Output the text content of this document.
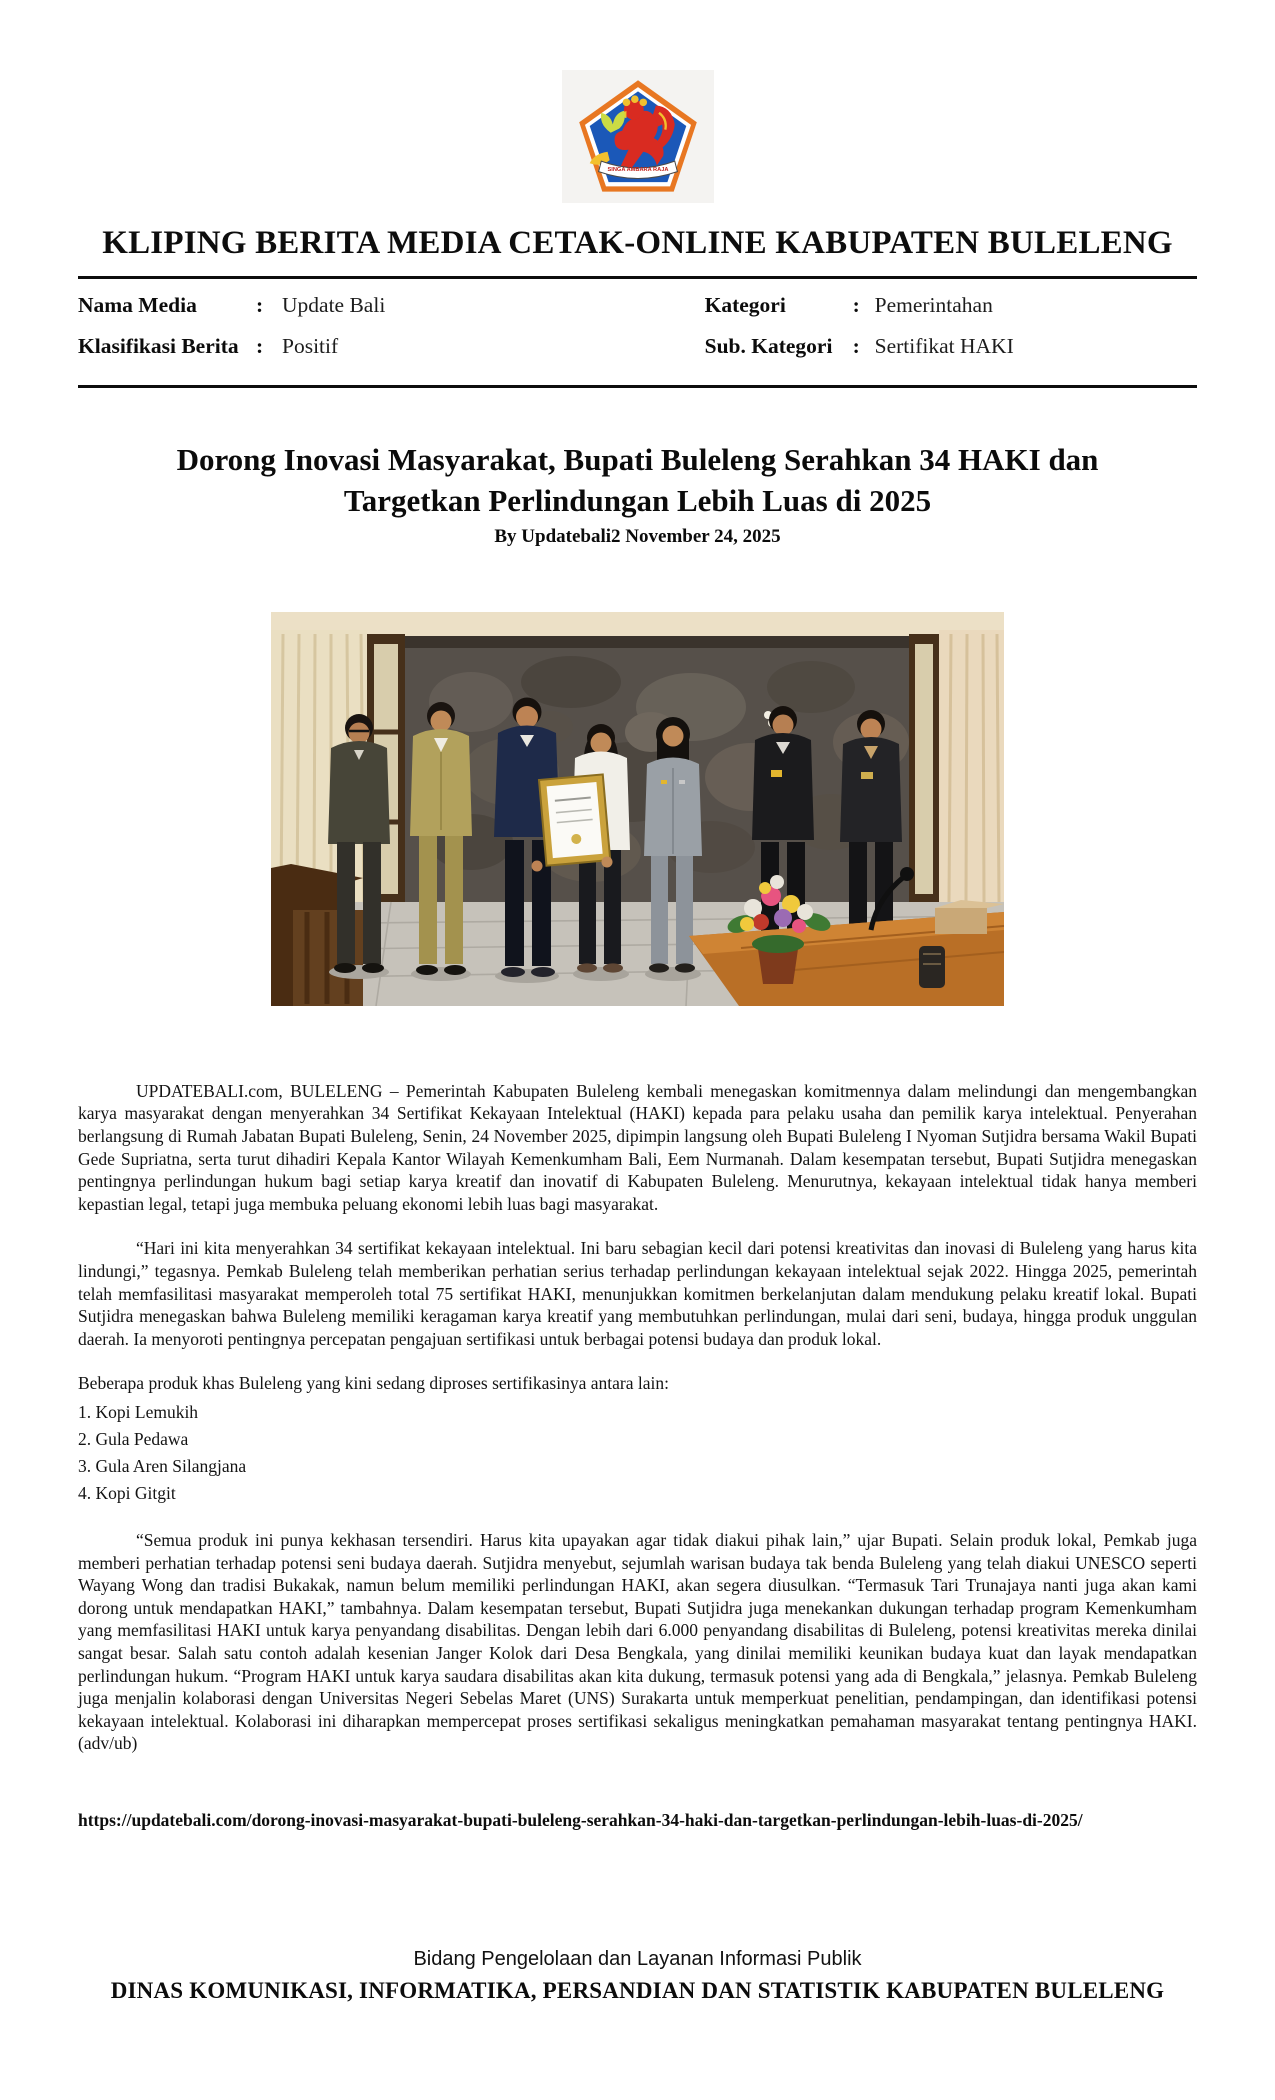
SINGA AMBARA RAJA
KLIPING BERITA MEDIA CETAK-ONLINE KABUPATEN BULELENG
Nama Media	: Update Bali
Klasifikasi Berita : Positif
Kategori	: Pemerintahan
Sub. Kategori : Sertifikat HAKI
Dorong Inovasi Masyarakat, Bupati Buleleng Serahkan 34 HAKI dan
Targetkan Perlindungan Lebih Luas di 2025
By Updatebali2 November 24, 2025

UPDATEBALI.com, BULELENG – Pemerintah Kabupaten Buleleng kembali menegaskan komitmennya dalam melindungi dan mengembangkan karya masyarakat dengan menyerahkan 34 Sertifikat Kekayaan Intelektual (HAKI) kepada para pelaku usaha dan pemilik karya intelektual. Penyerahan berlangsung di Rumah Jabatan Bupati Buleleng, Senin, 24 November 2025, dipimpin langsung oleh Bupati Buleleng I Nyoman Sutjidra bersama Wakil Bupati Gede Supriatna, serta turut dihadiri Kepala Kantor Wilayah Kemenkumham Bali, Eem Nurmanah. Dalam kesempatan tersebut, Bupati Sutjidra menegaskan pentingnya perlindungan hukum bagi setiap karya kreatif dan inovatif di Kabupaten Buleleng. Menurutnya, kekayaan intelektual tidak hanya memberi kepastian legal, tetapi juga membuka peluang ekonomi lebih luas bagi masyarakat.

“Hari ini kita menyerahkan 34 sertifikat kekayaan intelektual. Ini baru sebagian kecil dari potensi kreativitas dan inovasi di Buleleng yang harus kita lindungi,” tegasnya. Pemkab Buleleng telah memberikan perhatian serius terhadap perlindungan kekayaan intelektual sejak 2022. Hingga 2025, pemerintah telah memfasilitasi masyarakat memperoleh total 75 sertifikat HAKI, menunjukkan komitmen berkelanjutan dalam mendukung pelaku kreatif lokal. Bupati Sutjidra menegaskan bahwa Buleleng memiliki keragaman karya kreatif yang membutuhkan perlindungan, mulai dari seni, budaya, hingga produk unggulan daerah. Ia menyoroti pentingnya percepatan pengajuan sertifikasi untuk berbagai potensi budaya dan produk lokal.

Beberapa produk khas Buleleng yang kini sedang diproses sertifikasinya antara lain:
1. Kopi Lemukih
2. Gula Pedawa
3. Gula Aren Silangjana
4. Kopi Gitgit

“Semua produk ini punya kekhasan tersendiri. Harus kita upayakan agar tidak diakui pihak lain,” ujar Bupati. Selain produk lokal, Pemkab juga memberi perhatian terhadap potensi seni budaya daerah. Sutjidra menyebut, sejumlah warisan budaya tak benda Buleleng yang telah diakui UNESCO seperti Wayang Wong dan tradisi Bukakak, namun belum memiliki perlindungan HAKI, akan segera diusulkan. “Termasuk Tari Trunajaya nanti juga akan kami dorong untuk mendapatkan HAKI,” tambahnya. Dalam kesempatan tersebut, Bupati Sutjidra juga menekankan dukungan terhadap program Kemenkumham yang memfasilitasi HAKI untuk karya penyandang disabilitas. Dengan lebih dari 6.000 penyandang disabilitas di Buleleng, potensi kreativitas mereka dinilai sangat besar. Salah satu contoh adalah kesenian Janger Kolok dari Desa Bengkala, yang dinilai memiliki keunikan budaya kuat dan layak mendapatkan perlindungan hukum. “Program HAKI untuk karya saudara disabilitas akan kita dukung, termasuk potensi yang ada di Bengkala,” jelasnya. Pemkab Buleleng juga menjalin kolaborasi dengan Universitas Negeri Sebelas Maret (UNS) Surakarta untuk memperkuat penelitian, pendampingan, dan identifikasi potensi kekayaan intelektual. Kolaborasi ini diharapkan mempercepat proses sertifikasi sekaligus meningkatkan pemahaman masyarakat tentang pentingnya HAKI.(adv/ub)

https://updatebali.com/dorong-inovasi-masyarakat-bupati-buleleng-serahkan-34-haki-dan-targetkan-perlindungan-lebih-luas-di-2025/
Bidang Pengelolaan dan Layanan Informasi Publik
DINAS KOMUNIKASI, INFORMATIKA, PERSANDIAN DAN STATISTIK KABUPATEN BULELENG
